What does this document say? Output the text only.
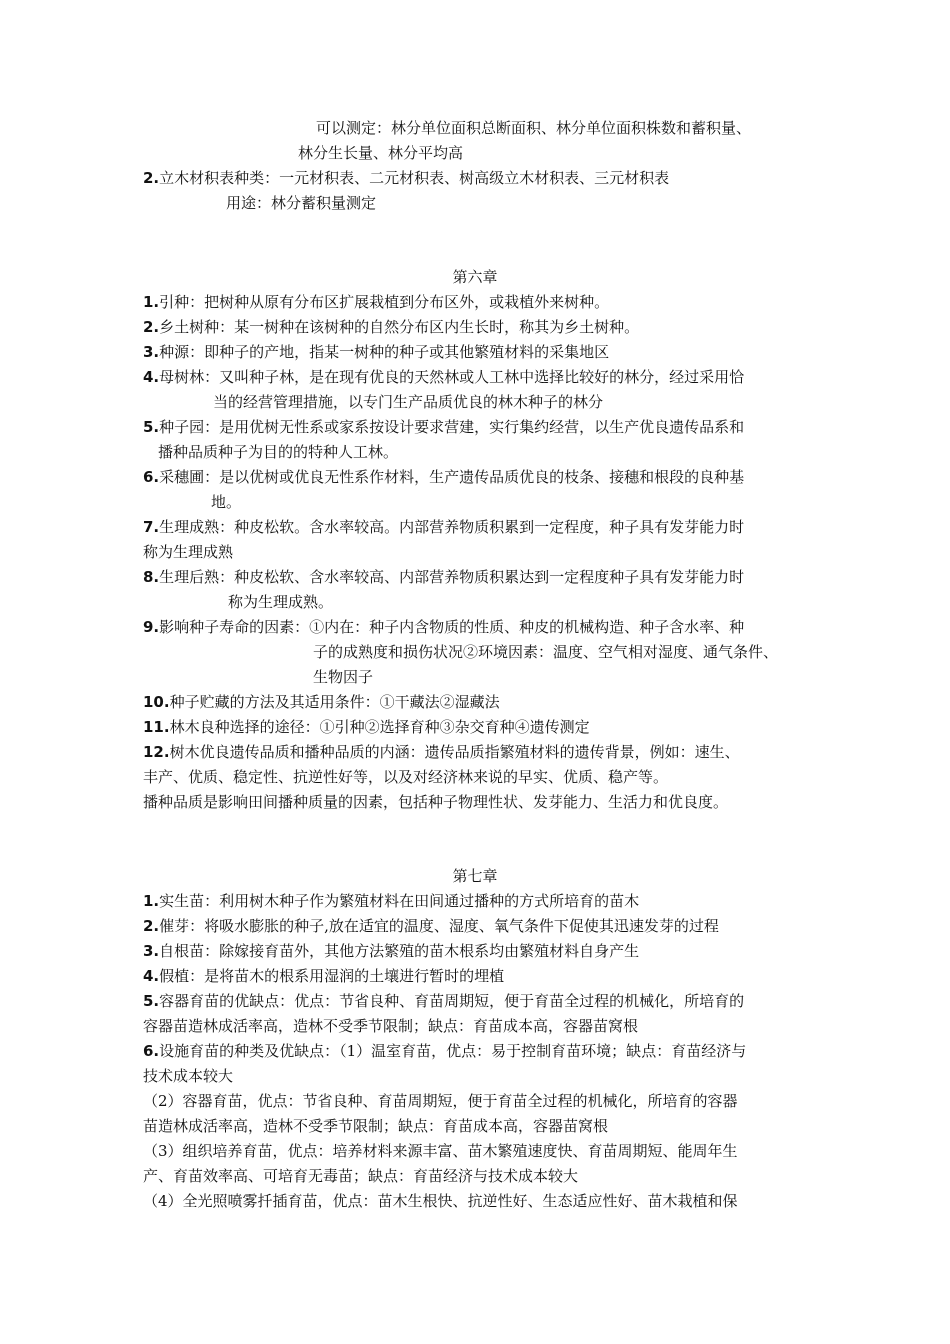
可以测定：林分单位面积总断面积、林分单位面积株数和蓄积量、
林分生长量、林分平均高
2.立木材积表种类：一元材积表、二元材积表、树高级立木材积表、三元材积表
用途：林分蓄积量测定
第六章
1.引种：把树种从原有分布区扩展栽植到分布区外，或栽植外来树种。
2.乡土树种：某一树种在该树种的自然分布区内生长时，称其为乡土树种。
3.种源：即种子的产地，指某一树种的种子或其他繁殖材料的采集地区
4.母树林：又叫种子林，是在现有优良的天然林或人工林中选择比较好的林分，经过采用恰
当的经营管理措施，以专门生产品质优良的林木种子的林分
5.种子园：是用优树无性系或家系按设计要求营建，实行集约经营，以生产优良遗传品系和
播种品质种子为目的的特种人工林。
6.采穗圃：是以优树或优良无性系作材料，生产遗传品质优良的枝条、接穗和根段的良种基
地。
7.生理成熟：种皮松软。含水率较高。内部营养物质积累到一定程度，种子具有发芽能力时
称为生理成熟
8.生理后熟：种皮松软、含水率较高、内部营养物质积累达到一定程度种子具有发芽能力时
称为生理成熟。
9.影响种子寿命的因素：①内在：种子内含物质的性质、种皮的机械构造、种子含水率、种
子的成熟度和损伤状况②环境因素：温度、空气相对湿度、通气条件、
生物因子
10.种子贮藏的方法及其适用条件：①干藏法②湿藏法
11.林木良种选择的途径：①引种②选择育种③杂交育种④遗传测定
12.树木优良遗传品质和播种品质的内涵：遗传品质指繁殖材料的遗传背景，例如：速生、
丰产、优质、稳定性、抗逆性好等，以及对经济林来说的早实、优质、稳产等。
播种品质是影响田间播种质量的因素，包括种子物理性状、发芽能力、生活力和优良度。
第七章
1.实生苗：利用树木种子作为繁殖材料在田间通过播种的方式所培育的苗木
2.催芽：将吸水膨胀的种子,放在适宜的温度、湿度、氧气条件下促使其迅速发芽的过程
3.自根苗：除嫁接育苗外，其他方法繁殖的苗木根系均由繁殖材料自身产生
4.假植：是将苗木的根系用湿润的土壤进行暂时的埋植
5.容器育苗的优缺点：优点：节省良种、育苗周期短，便于育苗全过程的机械化，所培育的
容器苗造林成活率高，造林不受季节限制；缺点：育苗成本高，容器苗窝根
6.设施育苗的种类及优缺点：（1）温室育苗，优点：易于控制育苗环境；缺点：育苗经济与
技术成本较大
（2）容器育苗，优点：节省良种、育苗周期短，便于育苗全过程的机械化，所培育的容器
苗造林成活率高，造林不受季节限制；缺点：育苗成本高，容器苗窝根
（3）组织培养育苗，优点：培养材料来源丰富、苗木繁殖速度快、育苗周期短、能周年生
产、育苗效率高、可培育无毒苗；缺点：育苗经济与技术成本较大
（4）全光照喷雾扦插育苗，优点：苗木生根快、抗逆性好、生态适应性好、苗木栽植和保
